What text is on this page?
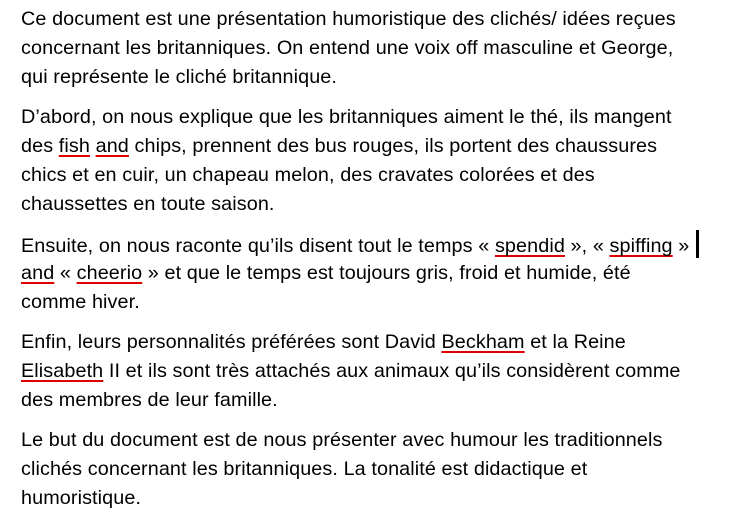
Ce document est une présentation humoristique des clichés/ idées reçues
concernant les britanniques. On entend une voix off masculine et George,
qui représente le cliché britannique.
D’abord, on nous explique que les britanniques aiment le thé, ils mangent
des fish and chips, prennent des bus rouges, ils portent des chaussures
chics et en cuir, un chapeau melon, des cravates colorées et des
chaussettes en toute saison.
Ensuite, on nous raconte qu’ils disent tout le temps « spendid », « spiffing »
and « cheerio » et que le temps est toujours gris, froid et humide, été
comme hiver.
Enfin, leurs personnalités préférées sont David Beckham et la Reine
Elisabeth II et ils sont très attachés aux animaux qu’ils considèrent comme
des membres de leur famille.
Le but du document est de nous présenter avec humour les traditionnels
clichés concernant les britanniques. La tonalité est didactique et
humoristique.
